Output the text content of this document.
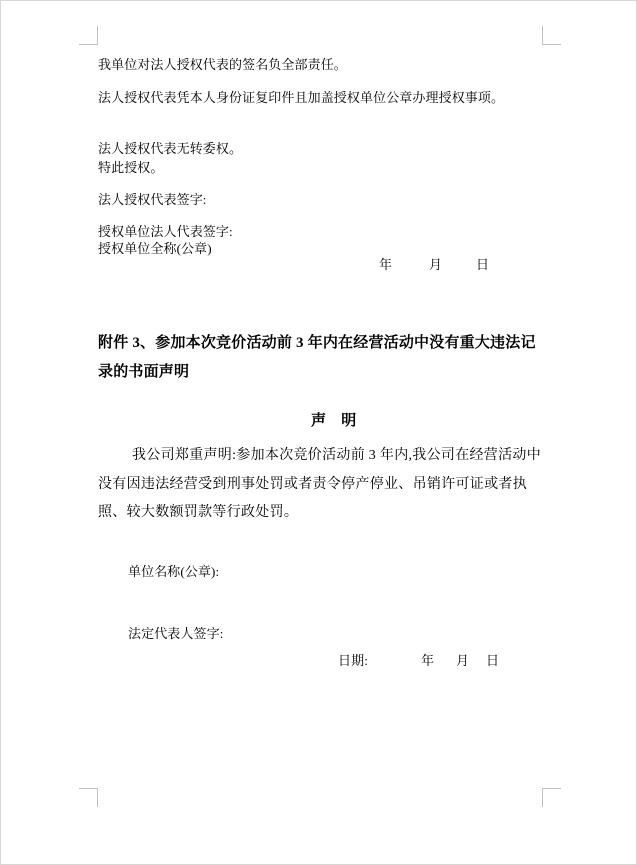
我单位对法人授权代表的签名负全部责任。
法人授权代表凭本人身份证复印件且加盖授权单位公章办理授权事项。
法人授权代表无转委权。
特此授权。
法人授权代表签字:
授权单位法人代表签字:
授权单位全称(公章)
年	月	日
附件 3、参加本次竞价活动前 3 年内在经营活动中没有重大违法记录的书面声明
声　明
我公司郑重声明:参加本次竞价活动前 3 年内,我公司在经营活动中没有因违法经营受到刑事处罚或者责令停产停业、吊销许可证或者执照、较大数额罚款等行政处罚。
单位名称(公章):
法定代表人签字:
日期:	年 月 日
